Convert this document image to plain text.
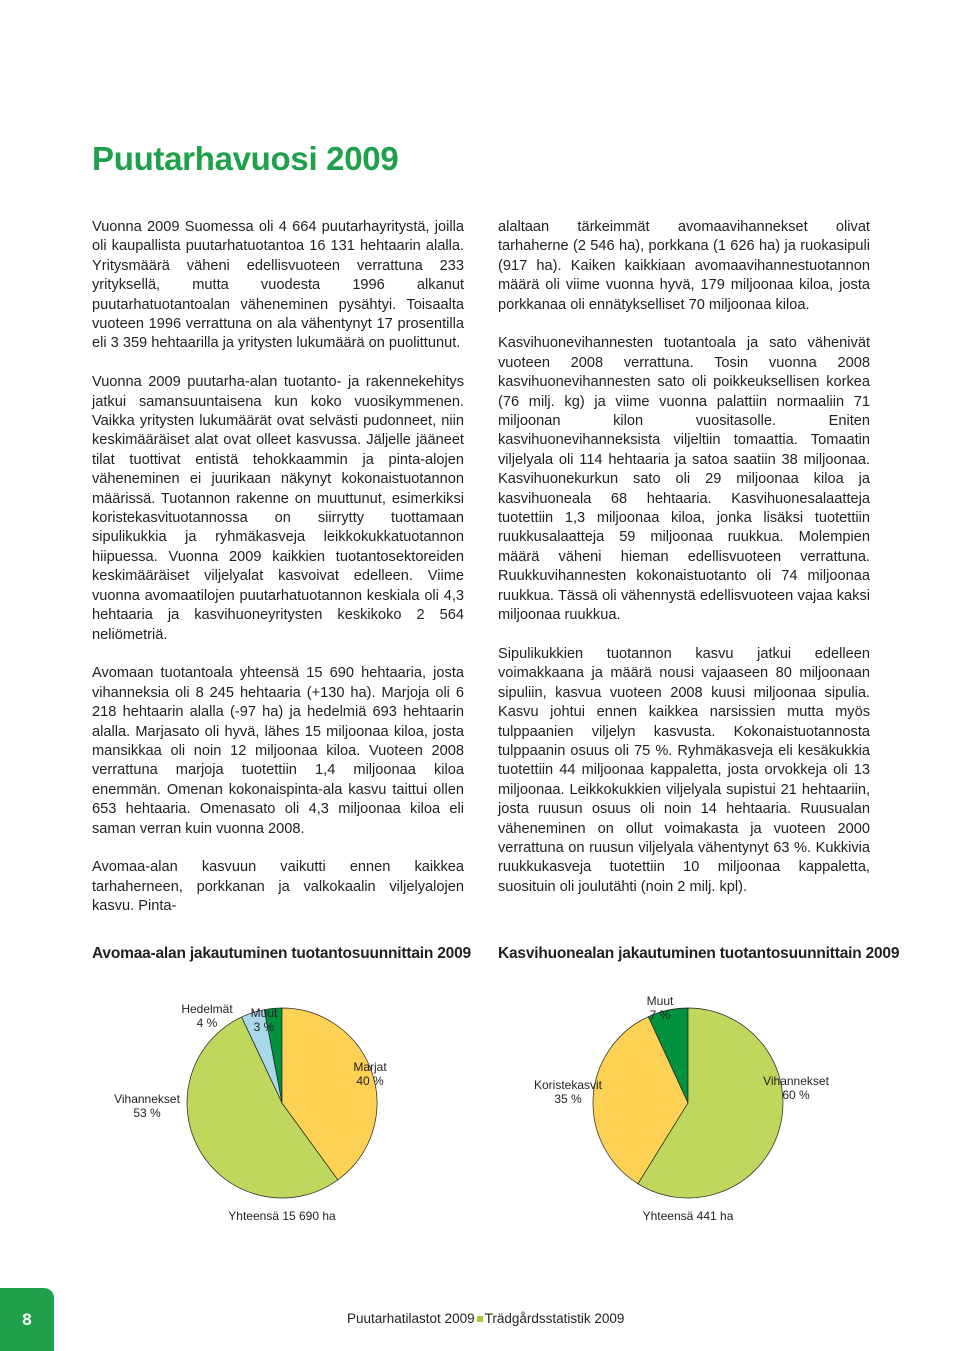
Puutarhavuosi 2009

Vuonna 2009 Suomessa oli 4 664 puutarhayritystä, joilla oli kaupallista puutarhatuotantoa 16 131 hehtaarin alalla. Yritysmäärä väheni edellisvuoteen verrattuna 233 yrityksellä, mutta vuodesta 1996 alkanut puutarhatuotantoalan väheneminen pysähtyi. Toisaalta vuoteen 1996 verrattuna on ala vähentynyt 17 prosentilla eli 3 359 hehtaarilla ja yritysten lukumäärä on puolittunut.

Vuonna 2009 puutarha-alan tuotanto- ja rakennekehitys jatkui samansuuntaisena kun koko vuosikymmenen. Vaikka yritysten lukumäärät ovat selvästi pudonneet, niin keskimääräiset alat ovat olleet kasvussa. Jäljelle jääneet tilat tuottivat entistä tehokkaammin ja pinta-alojen väheneminen ei juurikaan näkynyt kokonaistuotannon määrissä. Tuotannon rakenne on muuttunut, esimerkiksi koristekasvituotannossa on siirrytty tuottamaan sipulikukkia ja ryhmäkasveja leikkokukkatuotannon hiipuessa. Vuonna 2009 kaikkien tuotantosektoreiden keskimääräiset viljelyalat kasvoivat edelleen. Viime vuonna avomaatilojen puutarhatuotannon keskiala oli 4,3 hehtaaria ja kasvihuoneyritysten keskikoko 2 564 neliömetriä.

Avomaan tuotantoala yhteensä 15 690 hehtaaria, josta vihanneksia oli 8 245 hehtaaria (+130 ha). Marjoja oli 6 218 hehtaarin alalla (-97 ha) ja hedelmiä 693 hehtaarin alalla. Marjasato oli hyvä, lähes 15 miljoonaa kiloa, josta mansikkaa oli noin 12 miljoonaa kiloa. Vuoteen 2008 verrattuna marjoja tuotettiin 1,4 miljoonaa kiloa enemmän. Omenan kokonaispinta-ala kasvu taittui ollen 653 hehtaaria. Omenasato oli 4,3 miljoonaa kiloa eli saman verran kuin vuonna 2008.

Avomaa-alan kasvuun vaikutti ennen kaikkea tarhaherneen, porkkanan ja valkokaalin viljelyalojen kasvu. Pinta-

alaltaan tärkeimmät avomaavihannekset olivat tarhaherne (2 546 ha), porkkana (1 626 ha) ja ruokasipuli (917 ha). Kaiken kaikkiaan avomaavihannestuotannon määrä oli viime vuonna hyvä, 179 miljoonaa kiloa, josta porkkanaa oli ennätykselliset 70 miljoonaa kiloa.

Kasvihuonevihannesten tuotantoala ja sato vähenivät vuoteen 2008 verrattuna. Tosin vuonna 2008 kasvihuonevihannesten sato oli poikkeuksellisen korkea (76 milj. kg) ja viime vuonna palattiin normaaliin 71 miljoonan kilon vuositasolle. Eniten kasvihuonevihanneksista viljeltiin tomaattia. Tomaatin viljelyala oli 114 hehtaaria ja satoa saatiin 38 miljoonaa. Kasvihuonekurkun sato oli 29 miljoonaa kiloa ja kasvihuoneala 68 hehtaaria. Kasvihuonesalaatteja tuotettiin 1,3 miljoonaa kiloa, jonka lisäksi tuotettiin ruukkusalaatteja 59 miljoonaa ruukkua. Molempien määrä väheni hieman edellisvuoteen verrattuna. Ruukkuvihannesten kokonaistuotanto oli 74 miljoonaa ruukkua. Tässä oli vähennystä edellisvuoteen vajaa kaksi miljoonaa ruukkua.

Sipulikukkien tuotannon kasvu jatkui edelleen voimakkaana ja määrä nousi vajaaseen 80 miljoonaan sipuliin, kasvua vuoteen 2008 kuusi miljoonaa sipulia. Kasvu johtui ennen kaikkea narsissien mutta myös tulppaanien viljelyn kasvusta. Kokonaistuotannosta tulppaanin osuus oli 75 %. Ryhmäkasveja eli kesäkukkia tuotettiin 44 miljoonaa kappaletta, josta orvokkeja oli 13 miljoonaa. Leikkokukkien viljelyala supistui 21 hehtaariin, josta ruusun osuus oli noin 14 hehtaaria. Ruusualan väheneminen on ollut voimakasta ja vuoteen 2000 verrattuna on ruusun viljelyala vähentynyt 63 %. Kukkivia ruukkukasveja tuotettiin 10 miljoonaa kappaletta, suosituin oli joulutähti (noin 2 milj. kpl).

Avomaa-alan jakautuminen tuotantosuunnittain 2009 Kasvihuonealan jakautuminen tuotantosuunnittain 2009
Muut
3 %
Hedelmät
4 %
Vihannekset
53 %
Marjat
40 %
Yhteensä 15 690 ha
Muut
7 %
Koristekasvit
35 %
Vihannekset
60 %
Yhteensä 441 ha
8	Puutarhatilastot 2009 Trädgårdsstatistik 2009
